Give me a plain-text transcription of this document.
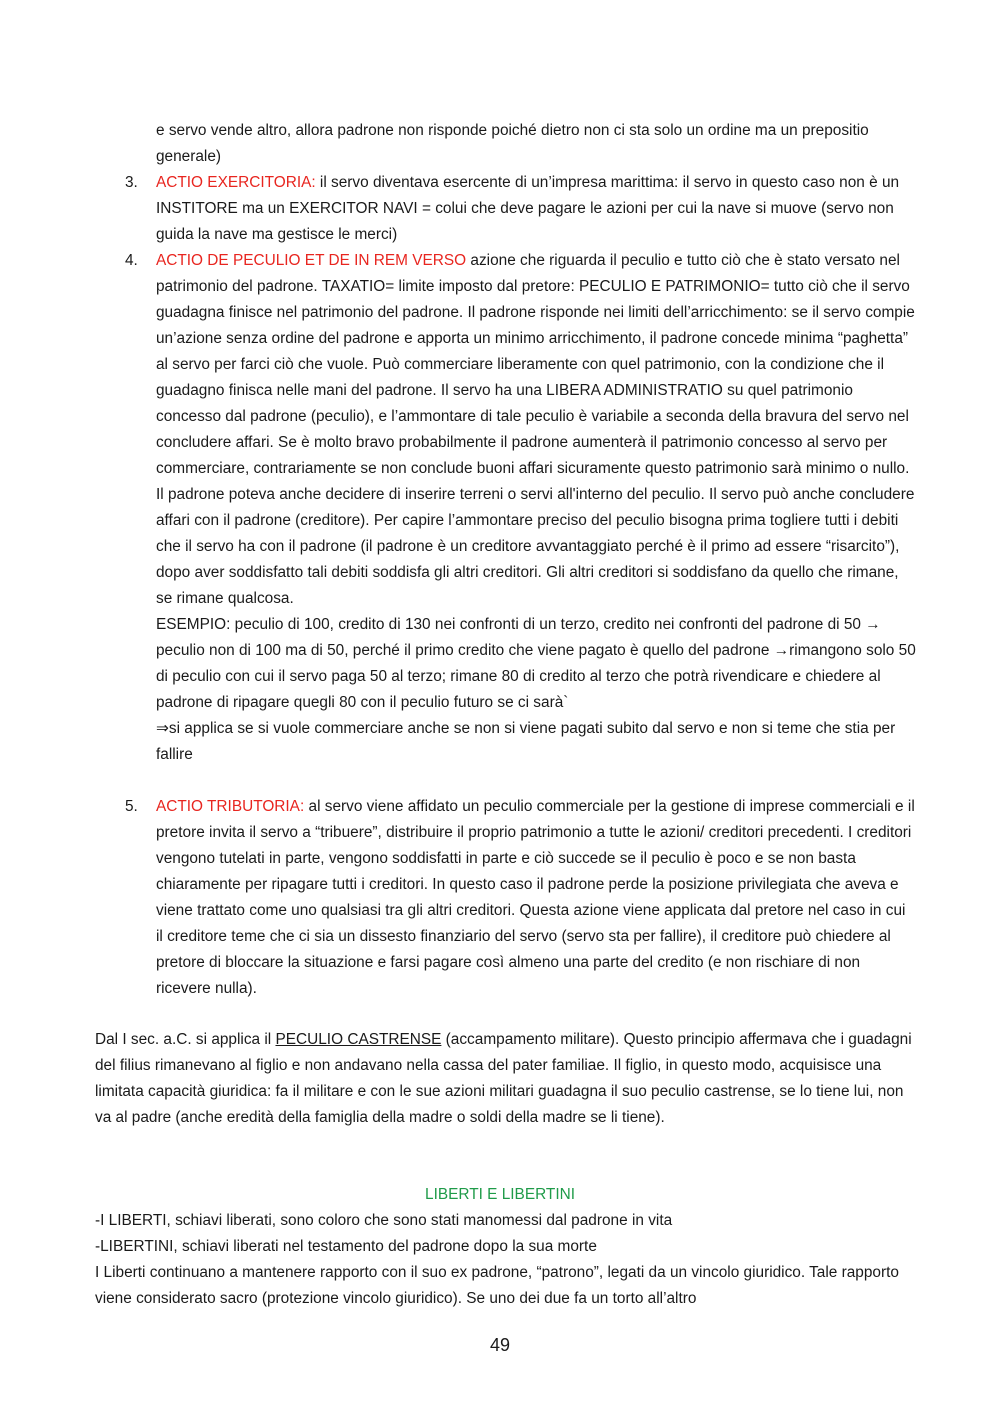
e servo vende altro, allora padrone non risponde poiché dietro non ci sta solo un ordine ma un prepositio generale)
3.	ACTIO EXERCITORIA: il servo diventava esercente di un’impresa marittima: il servo in questo caso non è un INSTITORE ma un EXERCITOR NAVI = colui che deve pagare le azioni per cui la nave si muove (servo non guida la nave ma gestisce le merci)
4.	ACTIO DE PECULIO ET DE IN REM VERSO azione che riguarda il peculio e tutto ciò che è stato versato nel patrimonio del padrone. TAXATIO= limite imposto dal pretore: PECULIO E PATRIMONIO= tutto ciò che il servo guadagna finisce nel patrimonio del padrone. Il padrone risponde nei limiti dell’arricchimento: se il servo compie un’azione senza ordine del padrone e apporta un minimo arricchimento, il padrone concede minima “paghetta” al servo per farci ciò che vuole. Può commerciare liberamente con quel patrimonio, con la condizione che il guadagno finisca nelle mani del padrone. Il servo ha una LIBERA ADMINISTRATIO su quel patrimonio concesso dal padrone (peculio), e l’ammontare di tale peculio è variabile a seconda della bravura del servo nel concludere affari. Se è molto bravo probabilmente il padrone aumenterà il patrimonio concesso al servo per commerciare, contrariamente se non conclude buoni affari sicuramente questo patrimonio sarà minimo o nullo. Il padrone poteva anche decidere di inserire terreni o servi all'interno del peculio. Il servo può anche concludere affari con il padrone (creditore). Per capire l’ammontare preciso del peculio bisogna prima togliere tutti i debiti che il servo ha con il padrone (il padrone è un creditore avvantaggiato perché è il primo ad essere “risarcito”), dopo aver soddisfatto tali debiti soddisfa gli altri creditori. Gli altri creditori si soddisfano da quello che rimane, se rimane qualcosa.
ESEMPIO: peculio di 100, credito di 130 nei confronti di un terzo, credito nei confronti del padrone di 50 → peculio non di 100 ma di 50, perché il primo credito che viene pagato è quello del padrone →rimangono solo 50 di peculio con cui il servo paga 50 al terzo; rimane 80 di credito al terzo che potrà rivendicare e chiedere al padrone di ripagare quegli 80 con il peculio futuro se ci sarà`
⇒si applica se si vuole commerciare anche se non si viene pagati subito dal servo e non si teme che stia per fallire
5.	ACTIO TRIBUTORIA: al servo viene affidato un peculio commerciale per la gestione di imprese commerciali e il pretore invita il servo a “tribuere”, distribuire il proprio patrimonio a tutte le azioni/ creditori precedenti. I creditori vengono tutelati in parte, vengono soddisfatti in parte e ciò succede se il peculio è poco e se non basta chiaramente per ripagare tutti i creditori. In questo caso il padrone perde la posizione privilegiata che aveva e viene trattato come uno qualsiasi tra gli altri creditori. Questa azione viene applicata dal pretore nel caso in cui il creditore teme che ci sia un dissesto finanziario del servo (servo sta per fallire), il creditore può chiedere al pretore di bloccare la situazione e farsi pagare così almeno una parte del credito (e non rischiare di non ricevere nulla).
Dal I sec. a.C. si applica il PECULIO CASTRENSE (accampamento militare). Questo principio affermava che i guadagni del filius rimanevano al figlio e non andavano nella cassa del pater familiae. Il figlio, in questo modo, acquisisce una limitata capacità giuridica: fa il militare e con le sue azioni militari guadagna il suo peculio castrense, se lo tiene lui, non va al padre (anche eredità della famiglia della madre o soldi della madre se li tiene).
LIBERTI E LIBERTINI
-I LIBERTI, schiavi liberati, sono coloro che sono stati manomessi dal padrone in vita
-LIBERTINI, schiavi liberati nel testamento del padrone dopo la sua morte
I Liberti continuano a mantenere rapporto con il suo ex padrone, “patrono”, legati da un vincolo giuridico. Tale rapporto viene considerato sacro (protezione vincolo giuridico). Se uno dei due fa un torto all’altro
49
